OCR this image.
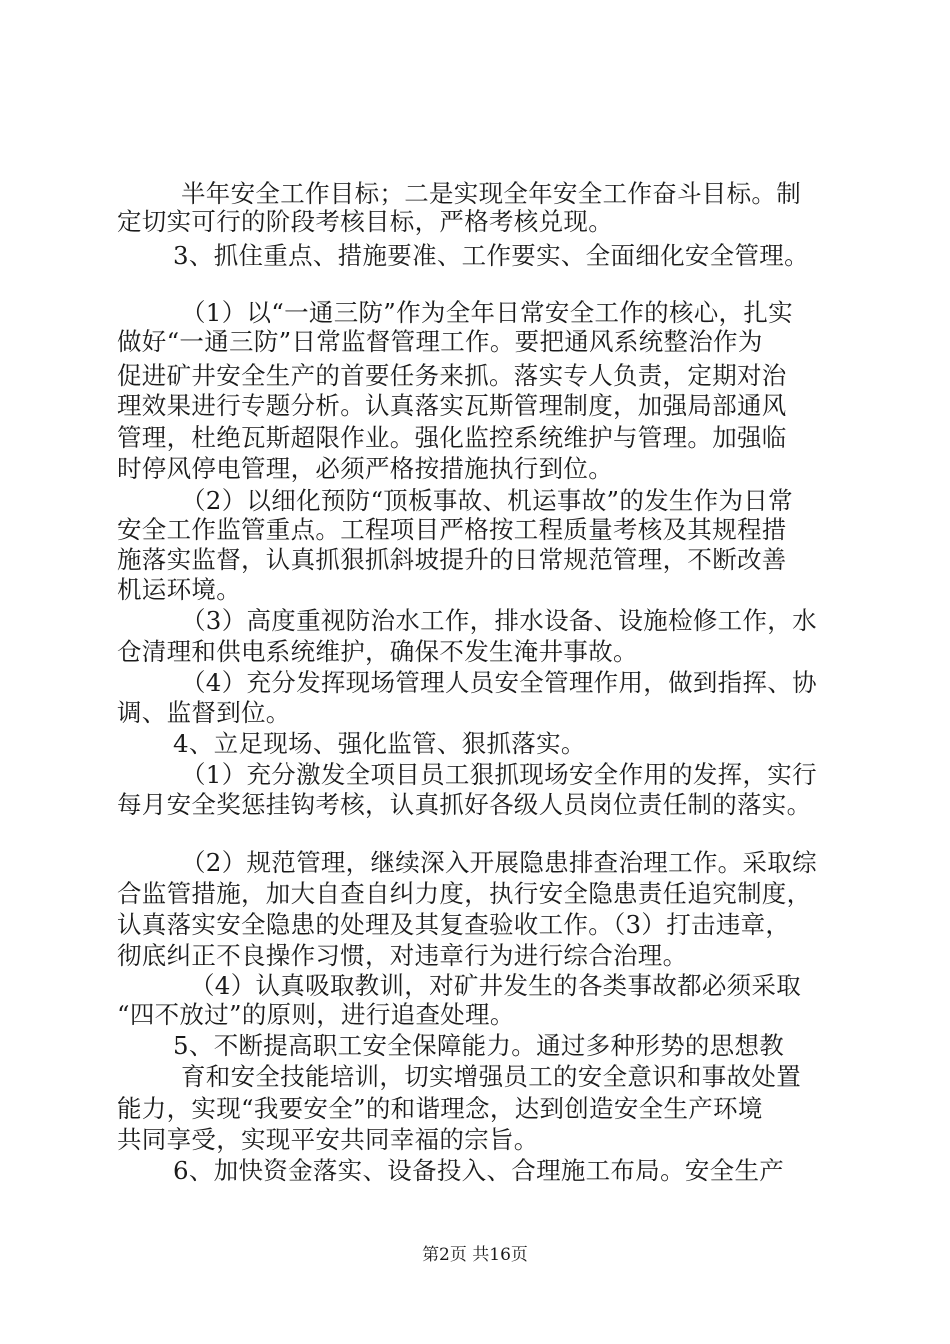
半年安全工作目标；二是实现全年安全工作奋斗目标。制
定切实可行的阶段考核目标，严格考核兑现。
3、抓住重点、措施要准、工作要实、全面细化安全管理。
（1）以“一通三防”作为全年日常安全工作的核心，扎实
做好“一通三防”日常监督管理工作。要把通风系统整治作为
促进矿井安全生产的首要任务来抓。落实专人负责，定期对治
理效果进行专题分析。认真落实瓦斯管理制度，加强局部通风
管理，杜绝瓦斯超限作业。强化监控系统维护与管理。加强临
时停风停电管理，必须严格按措施执行到位。
（2）以细化预防“顶板事故、机运事故”的发生作为日常
安全工作监管重点。工程项目严格按工程质量考核及其规程措
施落实监督，认真抓狠抓斜坡提升的日常规范管理，不断改善
机运环境。
（3）高度重视防治水工作，排水设备、设施检修工作，水
仓清理和供电系统维护，确保不发生淹井事故。
（4）充分发挥现场管理人员安全管理作用，做到指挥、协
调、监督到位。
4、立足现场、强化监管、狠抓落实。
（1）充分激发全项目员工狠抓现场安全作用的发挥，实行
每月安全奖惩挂钩考核，认真抓好各级人员岗位责任制的落实。
（2）规范管理，继续深入开展隐患排查治理工作。采取综
合监管措施，加大自查自纠力度，执行安全隐患责任追究制度，
认真落实安全隐患的处理及其复查验收工作。（3）打击违章，
彻底纠正不良操作习惯，对违章行为进行综合治理。
（4）认真吸取教训，对矿井发生的各类事故都必须采取
“四不放过”的原则，进行追查处理。
5、不断提高职工安全保障能力。通过多种形势的思想教
育和安全技能培训，切实增强员工的安全意识和事故处置
能力，实现“我要安全”的和谐理念，达到创造安全生产环境
共同享受，实现平安共同幸福的宗旨。
6、加快资金落实、设备投入、合理施工布局。安全生产
第2页 共16页
